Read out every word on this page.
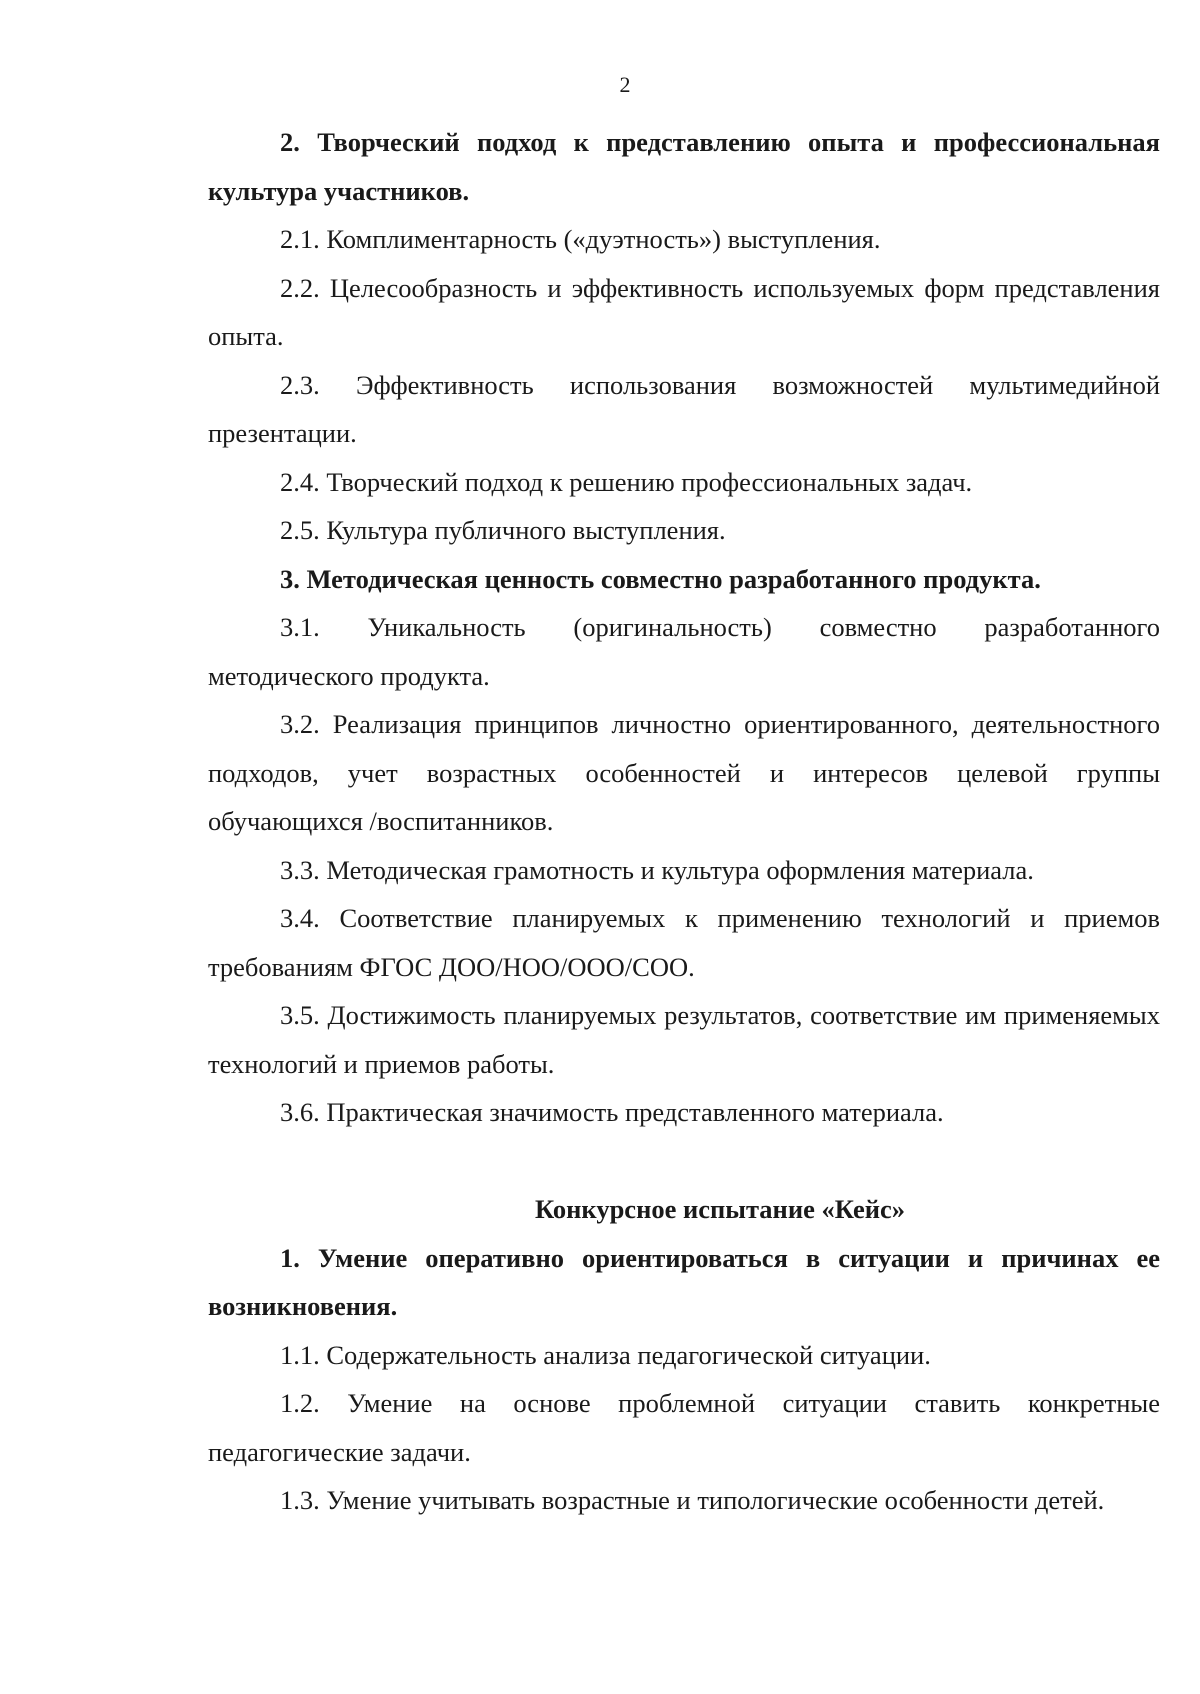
2

2. Творческий подход к представлению опыта и профессиональная культура участников.

2.1. Комплиментарность («дуэтность») выступления.

2.2. Целесообразность и эффективность используемых форм представления опыта.

2.3. Эффективность использования возможностей мультимедийной презентации.

2.4. Творческий подход к решению профессиональных задач.

2.5. Культура публичного выступления.

3. Методическая ценность совместно разработанного продукта.

3.1. Уникальность (оригинальность) совместно разработанного методического продукта.

3.2. Реализация принципов личностно ориентированного, деятельностного подходов, учет возрастных особенностей и интересов целевой группы обучающихся /воспитанников.

3.3. Методическая грамотность и культура оформления материала.

3.4. Соответствие планируемых к применению технологий и приемов требованиям ФГОС ДОО/НОО/ООО/СОО.

3.5. Достижимость планируемых результатов, соответствие им применяемых технологий и приемов работы.

3.6. Практическая значимость представленного материала.

Конкурсное испытание «Кейс»

1. Умение оперативно ориентироваться в ситуации и причинах ее возникновения.

1.1. Содержательность анализа педагогической ситуации.

1.2. Умение на основе проблемной ситуации ставить конкретные педагогические задачи.

1.3. Умение учитывать возрастные и типологические особенности детей.
